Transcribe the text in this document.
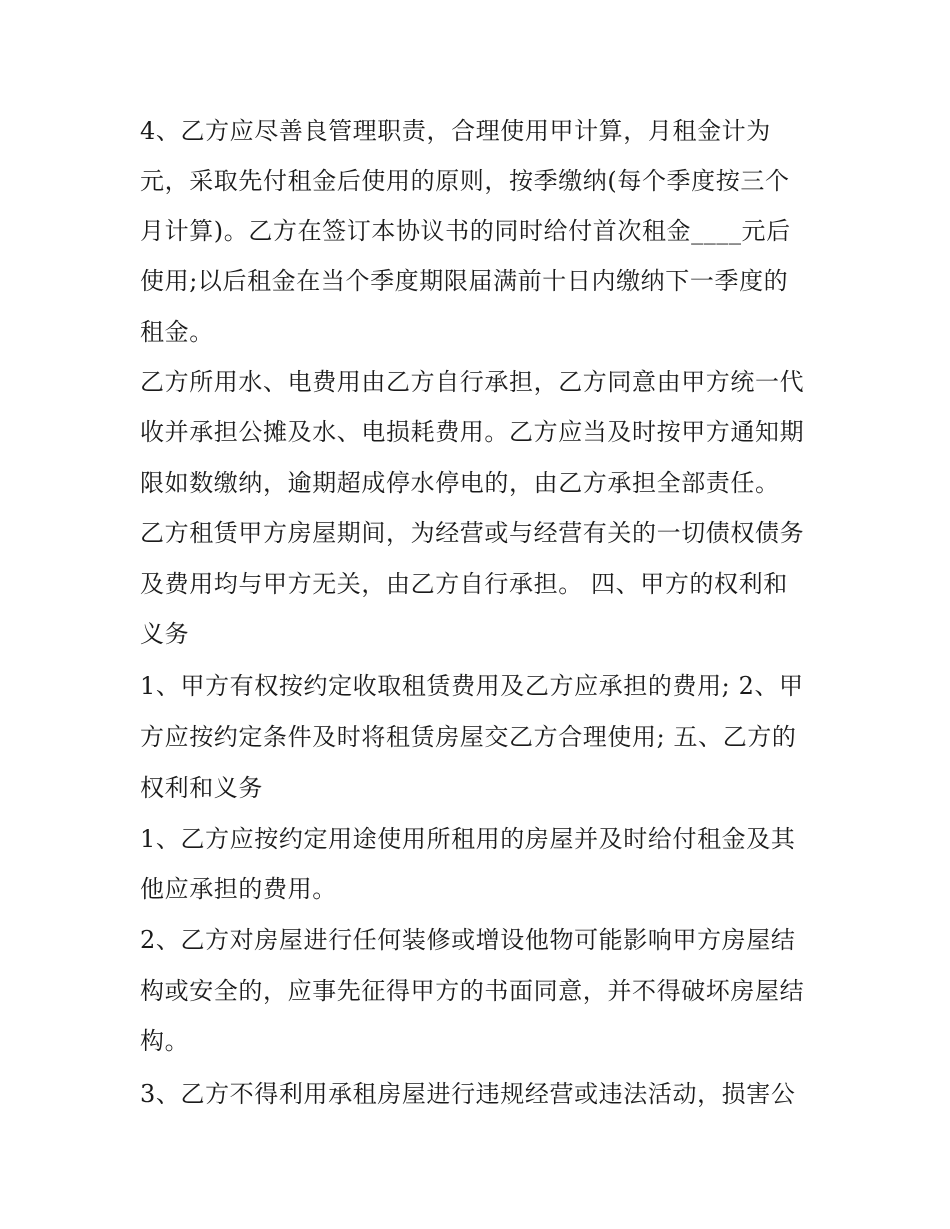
4、乙方应尽善良管理职责，合理使用甲计算，月租金计为
元，采取先付租金后使用的原则，按季缴纳(每个季度按三个
月计算)。乙方在签订本协议书的同时给付首次租金____元后
使用;以后租金在当个季度期限届满前十日内缴纳下一季度的
租金。
乙方所用水、电费用由乙方自行承担，乙方同意由甲方统一代
收并承担公摊及水、电损耗费用。乙方应当及时按甲方通知期
限如数缴纳，逾期超成停水停电的，由乙方承担全部责任。
乙方租赁甲方房屋期间，为经营或与经营有关的一切债权债务
及费用均与甲方无关，由乙方自行承担。 四、甲方的权利和
义务
1、甲方有权按约定收取租赁费用及乙方应承担的费用; 2、甲
方应按约定条件及时将租赁房屋交乙方合理使用; 五、乙方的
权利和义务
1、乙方应按约定用途使用所租用的房屋并及时给付租金及其
他应承担的费用。
2、乙方对房屋进行任何装修或增设他物可能影响甲方房屋结
构或安全的，应事先征得甲方的书面同意，并不得破坏房屋结
构。
3、乙方不得利用承租房屋进行违规经营或违法活动，损害公
